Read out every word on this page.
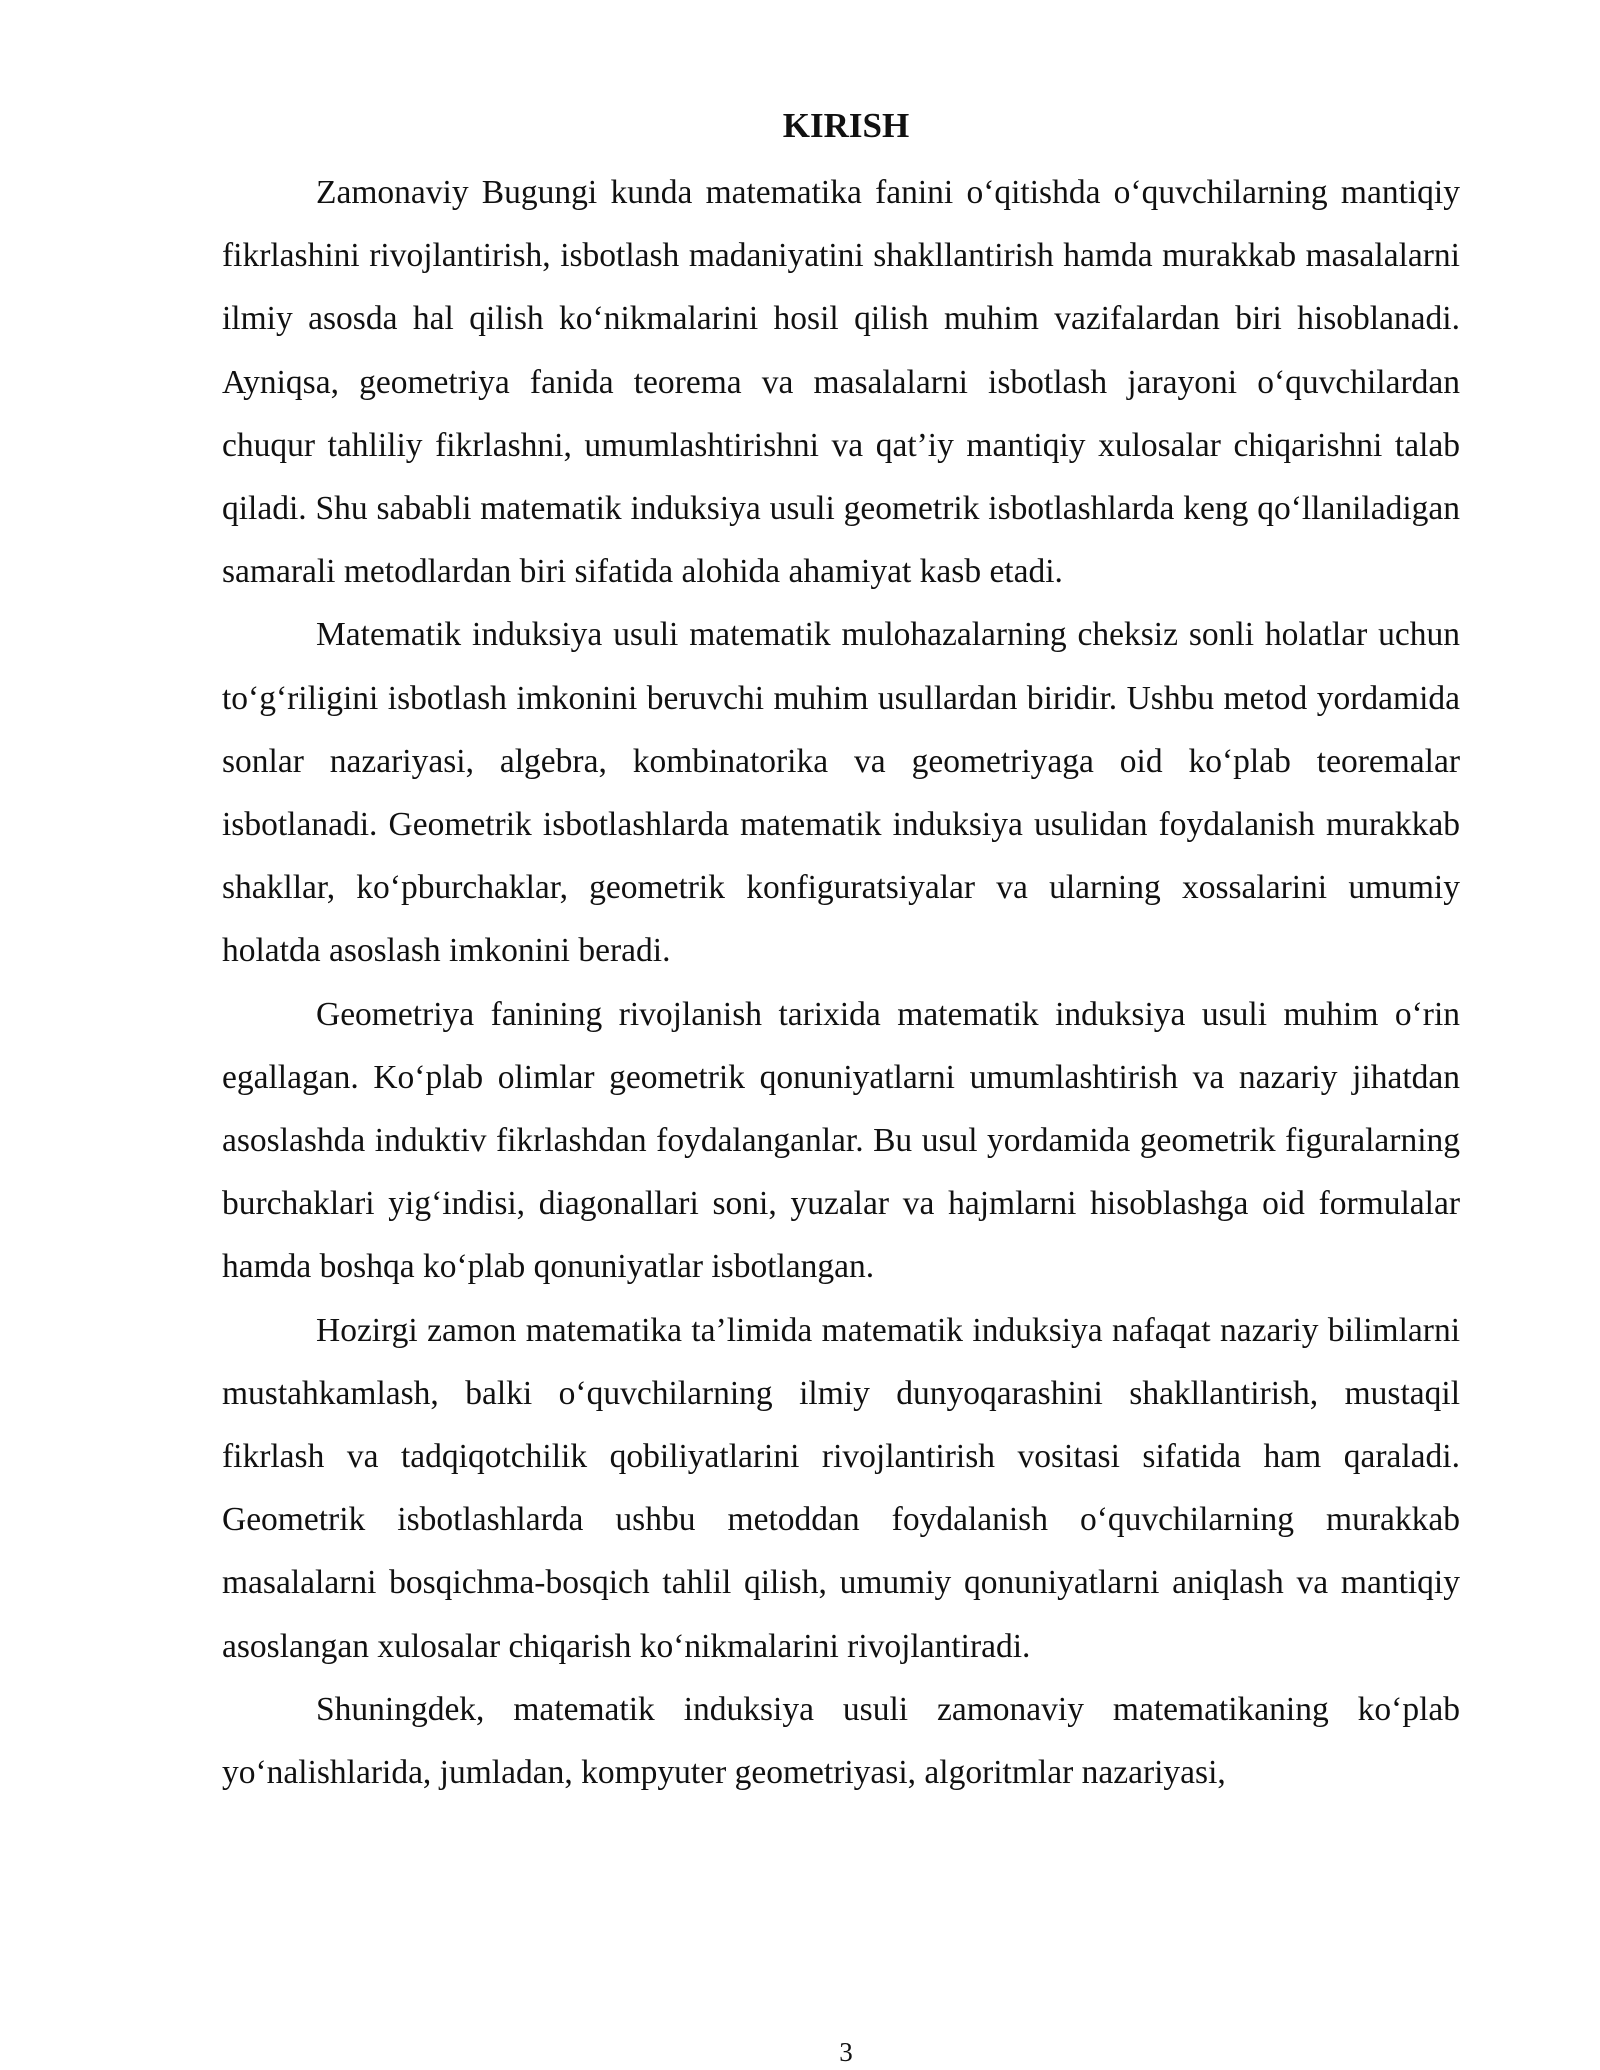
KIRISH

Zamonaviy Bugungi kunda matematika fanini o‘qitishda o‘quvchilarning mantiqiy fikrlashini rivojlantirish, isbotlash madaniyatini shakllantirish hamda murakkab masalalarni ilmiy asosda hal qilish ko‘nikmalarini hosil qilish muhim vazifalardan biri hisoblanadi. Ayniqsa, geometriya fanida teorema va masalalarni isbotlash jarayoni o‘quvchilardan chuqur tahliliy fikrlashni, umumlashtirishni va qat’iy mantiqiy xulosalar chiqarishni talab qiladi. Shu sababli matematik induksiya usuli geometrik isbotlashlarda keng qo‘llaniladigan samarali metodlardan biri sifatida alohida ahamiyat kasb etadi.

Matematik induksiya usuli matematik mulohazalarning cheksiz sonli holatlar uchun to‘g‘riligini isbotlash imkonini beruvchi muhim usullardan biridir. Ushbu metod yordamida sonlar nazariyasi, algebra, kombinatorika va geometriyaga oid ko‘plab teoremalar isbotlanadi. Geometrik isbotlashlarda matematik induksiya usulidan foydalanish murakkab shakllar, ko‘pburchaklar, geometrik konfiguratsiyalar va ularning xossalarini umumiy holatda asoslash imkonini beradi.

Geometriya fanining rivojlanish tarixida matematik induksiya usuli muhim o‘rin egallagan. Ko‘plab olimlar geometrik qonuniyatlarni umumlashtirish va nazariy jihatdan asoslashda induktiv fikrlashdan foydalanganlar. Bu usul yordamida geometrik figuralarning burchaklari yig‘indisi, diagonallari soni, yuzalar va hajmlarni hisoblashga oid formulalar hamda boshqa ko‘plab qonuniyatlar isbotlangan.

Hozirgi zamon matematika ta’limida matematik induksiya nafaqat nazariy bilimlarni mustahkamlash, balki o‘quvchilarning ilmiy dunyoqarashini shakllantirish, mustaqil fikrlash va tadqiqotchilik qobiliyatlarini rivojlantirish vositasi sifatida ham qaraladi. Geometrik isbotlashlarda ushbu metoddan foydalanish o‘quvchilarning murakkab masalalarni bosqichma-bosqich tahlil qilish, umumiy qonuniyatlarni aniqlash va mantiqiy asoslangan xulosalar chiqarish ko‘nikmalarini rivojlantiradi.

Shuningdek, matematik induksiya usuli zamonaviy matematikaning ko‘plab yo‘nalishlarida, jumladan, kompyuter geometriyasi, algoritmlar nazariyasi,

3
